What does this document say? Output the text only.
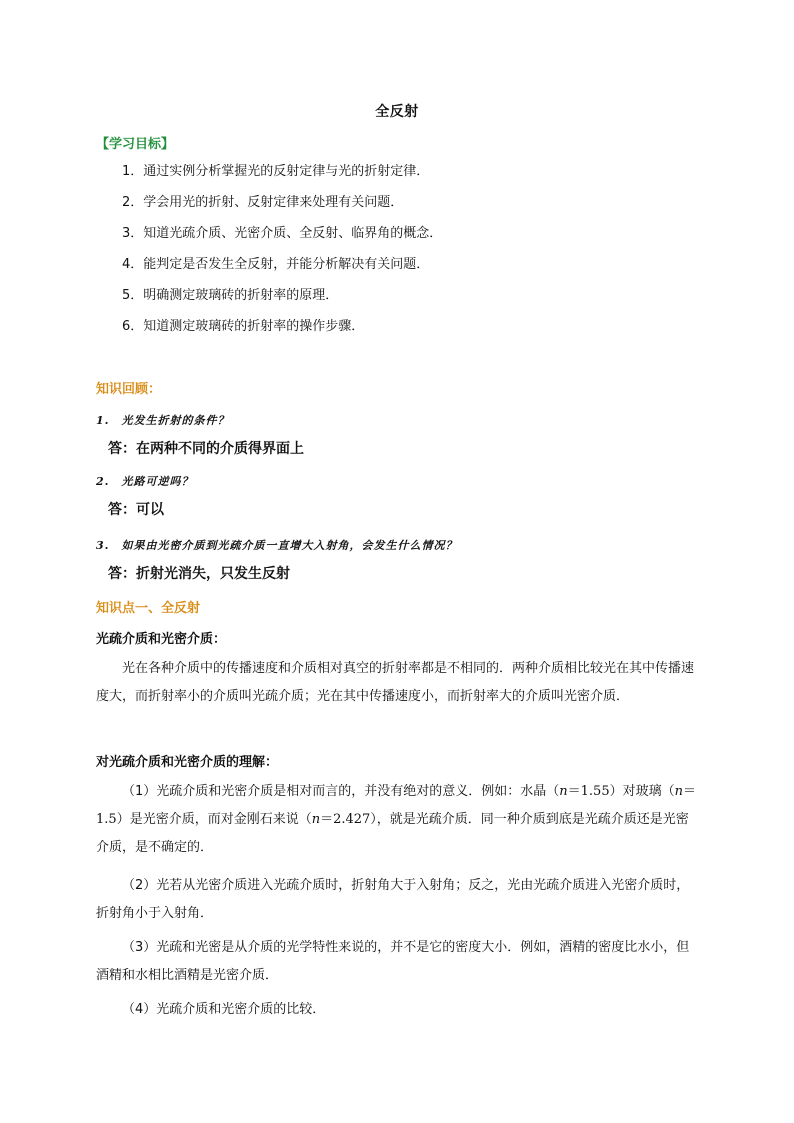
全反射
【学习目标】
1．通过实例分析掌握光的反射定律与光的折射定律．
2．学会用光的折射、反射定律来处理有关问题．
3．知道光疏介质、光密介质、全反射、临界角的概念．
4．能判定是否发生全反射，并能分析解决有关问题．
5．明确测定玻璃砖的折射率的原理．
6．知道测定玻璃砖的折射率的操作步骤．
知识回顾：
1.　光发生折射的条件？
答：在两种不同的介质得界面上
2.　光路可逆吗？
答：可以
3.　如果由光密介质到光疏介质一直增大入射角，会发生什么情况？
答：折射光消失，只发生反射
知识点一、全反射
光疏介质和光密介质：
光在各种介质中的传播速度和介质相对真空的折射率都是不相同的．两种介质相比较光在其中传播速度大，而折射率小的介质叫光疏介质；光在其中传播速度小，而折射率大的介质叫光密介质．
对光疏介质和光密介质的理解：
（1）光疏介质和光密介质是相对而言的，并没有绝对的意义．例如：水晶（n＝1.55）对玻璃（n＝1.5）是光密介质，而对金刚石来说（n＝2.427），就是光疏介质．同一种介质到底是光疏介质还是光密介质，是不确定的．
（2）光若从光密介质进入光疏介质时，折射角大于入射角；反之，光由光疏介质进入光密介质时，折射角小于入射角．
（3）光疏和光密是从介质的光学特性来说的，并不是它的密度大小．例如，酒精的密度比水小，但酒精和水相比酒精是光密介质．
（4）光疏介质和光密介质的比较．
